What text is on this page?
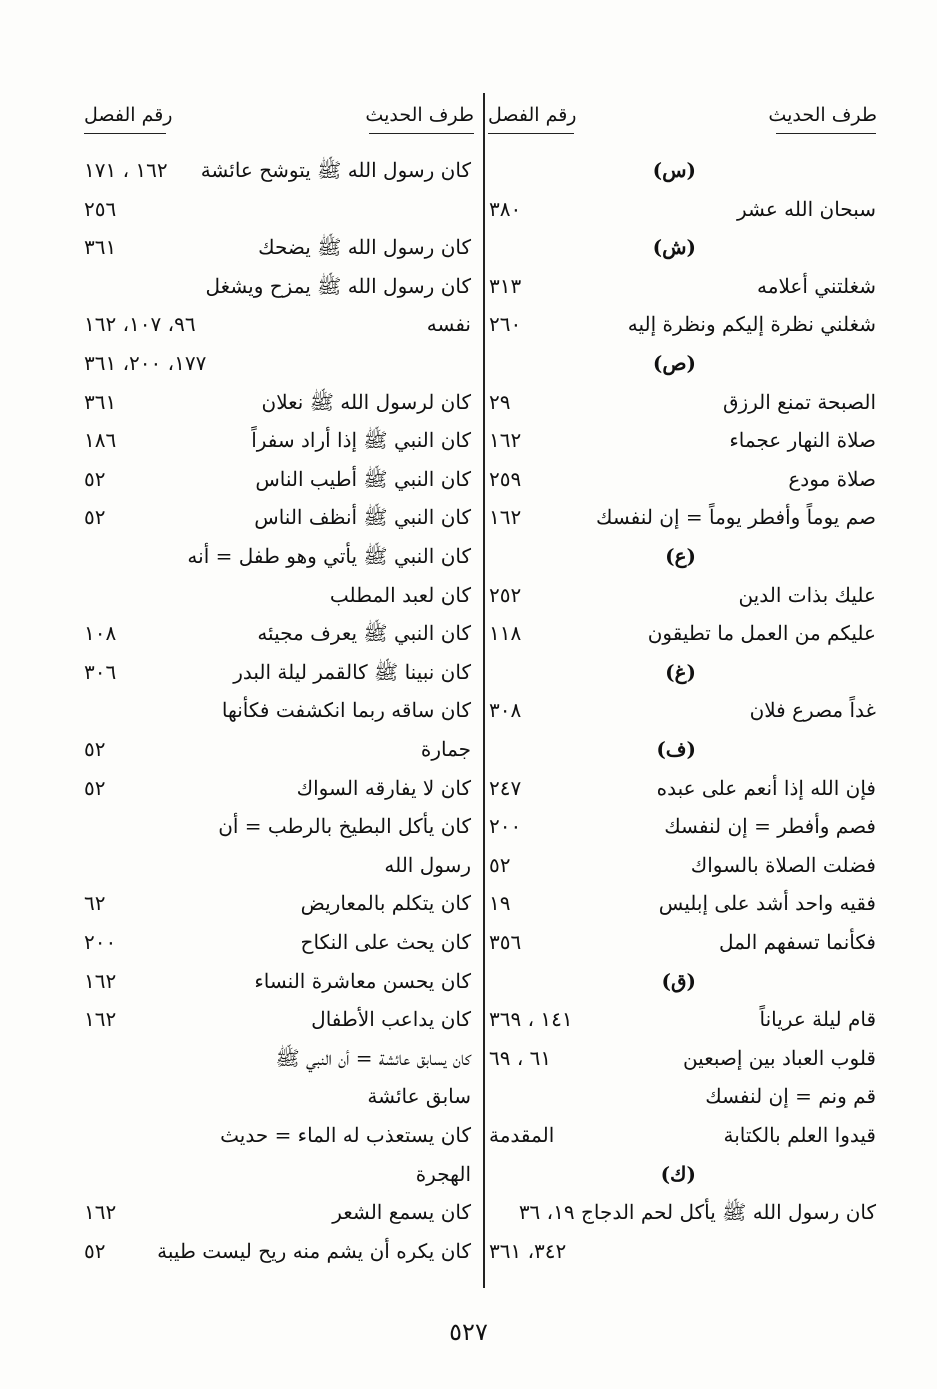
طرف الحديث
رقم الفصل
طرف الحديث
رقم الفصل
(س)
سبحان الله عشر
٣٨٠
(ش)
شغلتني أعلامه
٣١٣
شغلني نظرة إليكم ونظرة إليه
٢٦٠
(ص)
الصبحة تمنع الرزق
٢٩
صلاة النهار عجماء
١٦٢
صلاة مودع
٢٥٩
صم يوماً وأفطر يوماً = إن لنفسك
١٦٢
(ع)
عليك بذات الدين
٢٥٢
عليكم من العمل ما تطيقون
١١٨
(غ)
غداً مصرع فلان
٣٠٨
(ف)
فإن الله إذا أنعم على عبده
٢٤٧
فصم وأفطر = إن لنفسك
٢٠٠
فضلت الصلاة بالسواك
٥٢
فقيه واحد أشد على إبليس
١٩
فكأنما تسفهم المل
٣٥٦
(ق)
قام ليلة عرياناً
١٤١ ، ٣٦٩
قلوب العباد بين إصبعين
٦١ ، ٦٩
قم ونم = إن لنفسك
قيدوا العلم بالكتابة
المقدمة
(ك)
كان رسول الله ﷺ يأكل لحم الدجاج ١٩، ٣٦
٣٤٢، ٣٦١
كان رسول الله ﷺ يتوشح عائشة
١٦٢ ، ١٧١
٢٥٦
كان رسول الله ﷺ يضحك
٣٦١
كان رسول الله ﷺ يمزح ويشغل
نفسه
٩٦، ١٠٧، ١٦٢
١٧٧، ٢٠٠، ٣٦١
كان لرسول الله ﷺ نعلان
٣٦١
كان النبي ﷺ إذا أراد سفراً
١٨٦
كان النبي ﷺ أطيب الناس
٥٢
كان النبي ﷺ أنظف الناس
٥٢
كان النبي ﷺ يأتي وهو طفل = أنه
كان لعبد المطلب
كان النبي ﷺ يعرف مجيئه
١٠٨
كان نبينا ﷺ كالقمر ليلة البدر
٣٠٦
كان ساقه ربما انكشفت فكأنها
جمارة
٥٢
كان لا يفارقه السواك
٥٢
كان يأكل البطيخ بالرطب = أن
رسول الله
كان يتكلم بالمعاريض
٦٢
كان يحث على النكاح
٢٠٠
كان يحسن معاشرة النساء
١٦٢
كان يداعب الأطفال
١٦٢
كان يسابق عائشة = أن النبي ﷺ
سابق عائشة
كان يستعذب له الماء = حديث
الهجرة
كان يسمع الشعر
١٦٢
كان يكره أن يشم منه ريح ليست طيبة
٥٢
٥٢٧
